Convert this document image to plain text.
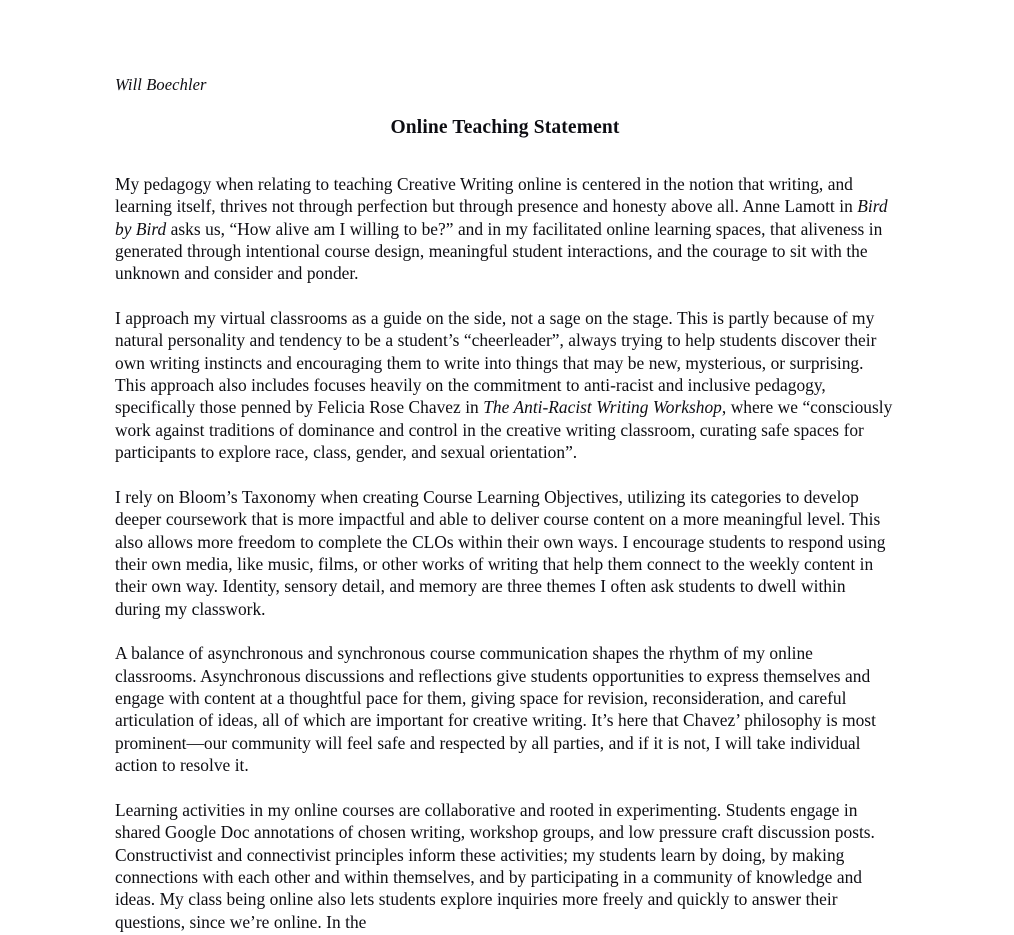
Will Boechler

Online Teaching Statement

My pedagogy when relating to teaching Creative Writing online is centered in the notion that writing, and learning itself, thrives not through perfection but through presence and honesty above all. Anne Lamott in Bird by Bird asks us, “How alive am I willing to be?” and in my facilitated online learning spaces, that aliveness in generated through intentional course design, meaningful student interactions, and the courage to sit with the unknown and consider and ponder.

I approach my virtual classrooms as a guide on the side, not a sage on the stage. This is partly because of my natural personality and tendency to be a student’s “cheerleader”, always trying to help students discover their own writing instincts and encouraging them to write into things that may be new, mysterious, or surprising. This approach also includes focuses heavily on the commitment to anti-racist and inclusive pedagogy, specifically those penned by Felicia Rose Chavez in The Anti-Racist Writing Workshop, where we “consciously work against traditions of dominance and control in the creative writing classroom, curating safe spaces for participants to explore race, class, gender, and sexual orientation”.

I rely on Bloom’s Taxonomy when creating Course Learning Objectives, utilizing its categories to develop deeper coursework that is more impactful and able to deliver course content on a more meaningful level. This also allows more freedom to complete the CLOs within their own ways. I encourage students to respond using their own media, like music, films, or other works of writing that help them connect to the weekly content in their own way. Identity, sensory detail, and memory are three themes I often ask students to dwell within during my classwork.

A balance of asynchronous and synchronous course communication shapes the rhythm of my online classrooms. Asynchronous discussions and reflections give students opportunities to express themselves and engage with content at a thoughtful pace for them, giving space for revision, reconsideration, and careful articulation of ideas, all of which are important for creative writing. It’s here that Chavez’ philosophy is most prominent—our community will feel safe and respected by all parties, and if it is not, I will take individual action to resolve it.

Learning activities in my online courses are collaborative and rooted in experimenting. Students engage in shared Google Doc annotations of chosen writing, workshop groups, and low pressure craft discussion posts. Constructivist and connectivist principles inform these activities; my students learn by doing, by making connections with each other and within themselves, and by participating in a community of knowledge and ideas. My class being online also lets students explore inquiries more freely and quickly to answer their questions, since we’re online. In the
